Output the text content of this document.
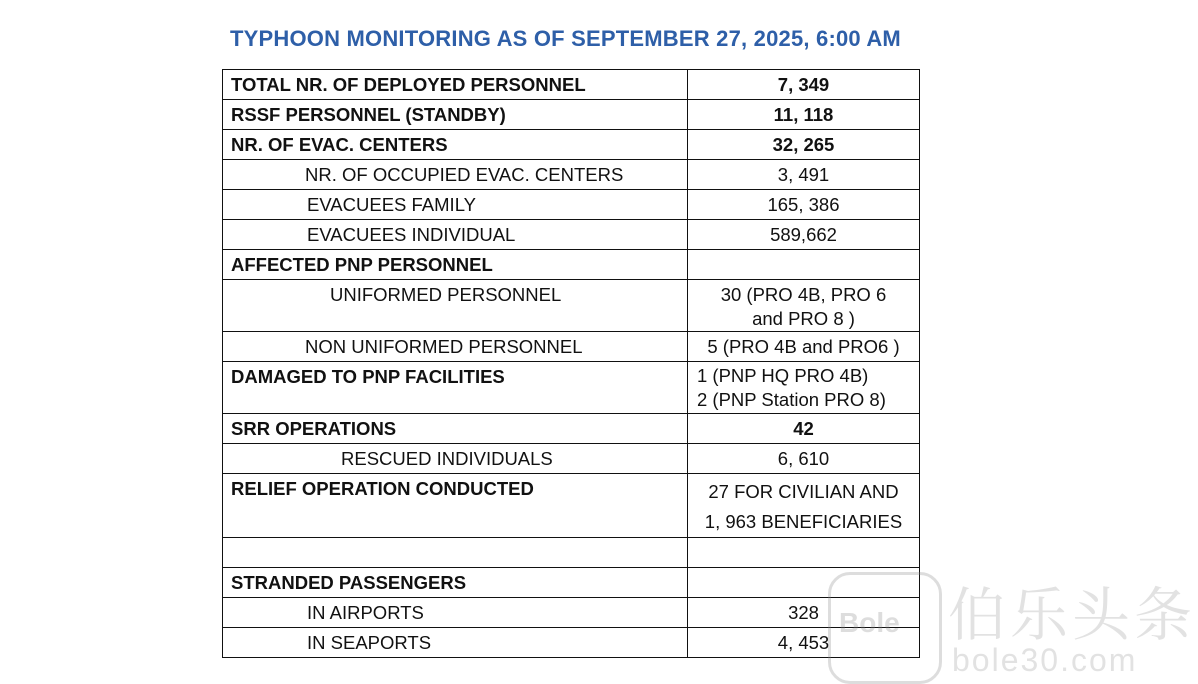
TYPHOON MONITORING AS OF SEPTEMBER 27, 2025, 6:00 AM
TOTAL NR. OF DEPLOYED PERSONNEL	7, 349
RSSF PERSONNEL (STANDBY)	11, 118
NR. OF EVAC. CENTERS	32, 265
NR. OF OCCUPIED EVAC. CENTERS	3, 491
EVACUEES FAMILY	165, 386
EVACUEES INDIVIDUAL	589,662
AFFECTED PNP PERSONNEL	
UNIFORMED PERSONNEL	30 (PRO 4B, PRO 6
and PRO 8 )

NON UNIFORMED PERSONNEL	5 (PRO 4B and PRO6 )
DAMAGED TO PNP FACILITIES	1 (PNP HQ PRO 4B)
2 (PNP Station PRO 8)

SRR OPERATIONS	42
RESCUED INDIVIDUALS	6, 610
RELIEF OPERATION CONDUCTED	27 FOR CIVILIAN AND
1, 963 BENEFICIARIES

STRANDED PASSENGERS	
IN AIRPORTS	328
IN SEAPORTS	4, 453
Bole 伯乐头条
bole30.com
